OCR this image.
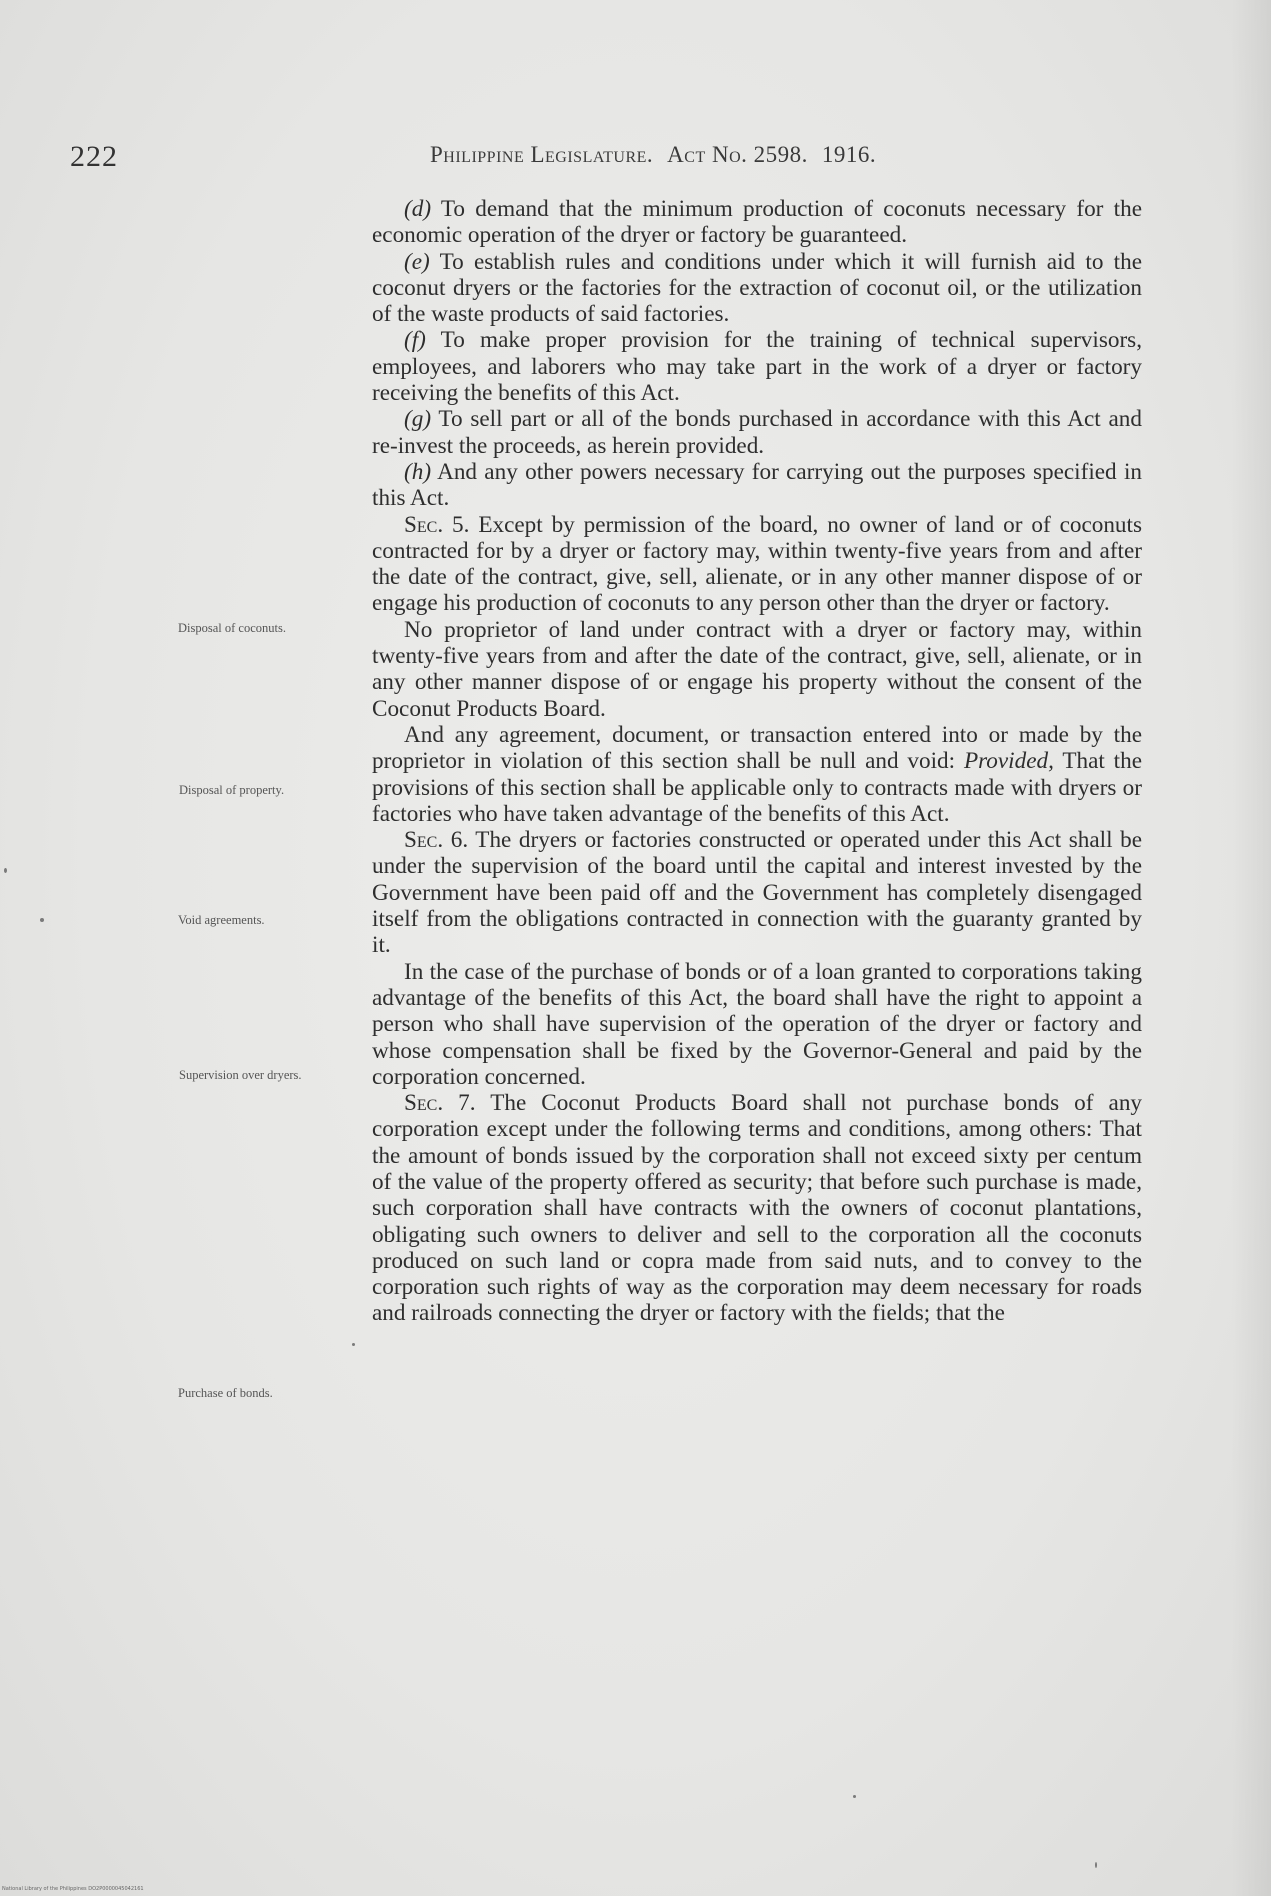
222	Philippine Legislature. Act No. 2598. 1916.
Disposal of coconuts.
Disposal of property.
Void agreements.
Supervision over dryers.
Purchase of bonds.

(d) To demand that the minimum production of coconuts necessary for the economic operation of the dryer or factory be guaranteed.

(e) To establish rules and conditions under which it will furnish aid to the coconut dryers or the factories for the extraction of coconut oil, or the utilization of the waste products of said factories.

(f) To make proper provision for the training of technical supervisors, employees, and laborers who may take part in the work of a dryer or factory receiving the benefits of this Act.

(g) To sell part or all of the bonds purchased in accordance with this Act and re-invest the proceeds, as herein provided.

(h) And any other powers necessary for carrying out the purposes specified in this Act.

Sec. 5. Except by permission of the board, no owner of land or of coconuts contracted for by a dryer or factory may, within twenty-five years from and after the date of the contract, give, sell, alienate, or in any other manner dispose of or engage his production of coconuts to any person other than the dryer or factory.

No proprietor of land under contract with a dryer or factory may, within twenty-five years from and after the date of the contract, give, sell, alienate, or in any other manner dispose of or engage his property without the consent of the Coconut Products Board.

And any agreement, document, or transaction entered into or made by the proprietor in violation of this section shall be null and void: Provided, That the provisions of this section shall be applicable only to contracts made with dryers or factories who have taken advantage of the benefits of this Act.

Sec. 6. The dryers or factories constructed or operated under this Act shall be under the supervision of the board until the capital and interest invested by the Government have been paid off and the Government has completely disengaged itself from the obligations contracted in connection with the guaranty granted by it.

In the case of the purchase of bonds or of a loan granted to corporations taking advantage of the benefits of this Act, the board shall have the right to appoint a person who shall have supervision of the operation of the dryer or factory and whose compensation shall be fixed by the Governor-General and paid by the corporation concerned.

Sec. 7. The Coconut Products Board shall not purchase bonds of any corporation except under the following terms and conditions, among others: That the amount of bonds issued by the corporation shall not exceed sixty per centum of the value of the property offered as security; that before such purchase is made, such corporation shall have contracts with the owners of coconut plantations, obligating such owners to deliver and sell to the corporation all the coconuts produced on such land or copra made from said nuts, and to convey to the corporation such rights of way as the corporation may deem necessary for roads and railroads connecting the dryer or factory with the fields; that the

National Library of the Philippines DO2P0000045042161
